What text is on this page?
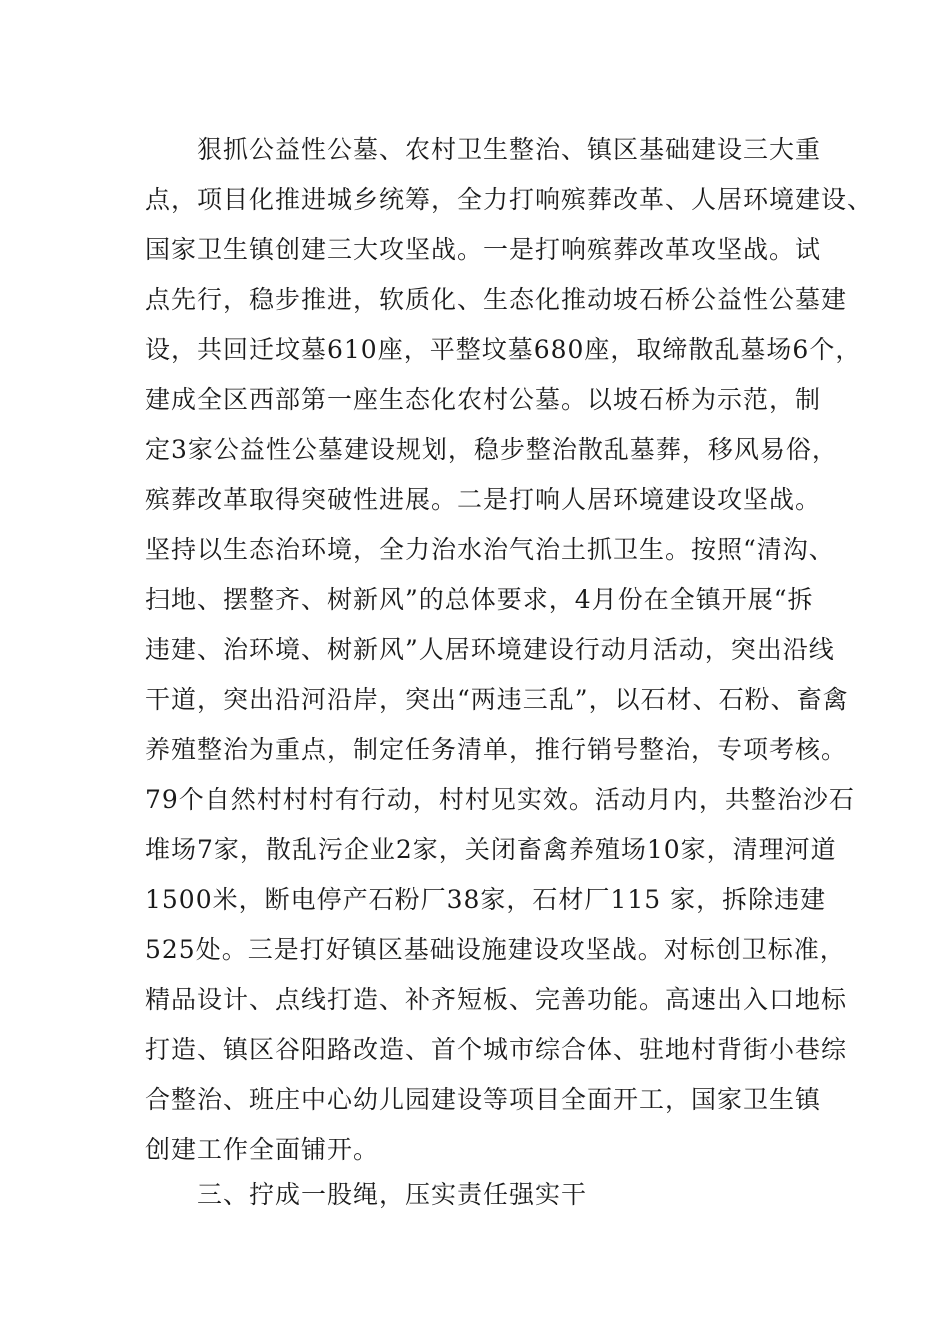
狠抓公益性公墓、农村卫生整治、镇区基础建设三大重
点，项目化推进城乡统筹，全力打响殡葬改革、人居环境建设、
国家卫生镇创建三大攻坚战。一是打响殡葬改革攻坚战。试
点先行，稳步推进，软质化、生态化推动坡石桥公益性公墓建
设，共回迁坟墓610座，平整坟墓680座，取缔散乱墓场6个，
建成全区西部第一座生态化农村公墓。以坡石桥为示范，制
定3家公益性公墓建设规划，稳步整治散乱墓葬，移风易俗，
殡葬改革取得突破性进展。二是打响人居环境建设攻坚战。
坚持以生态治环境，全力治水治气治土抓卫生。按照“清沟、
扫地、摆整齐、树新风”的总体要求，4月份在全镇开展“拆
违建、治环境、树新风”人居环境建设行动月活动，突出沿线
干道，突出沿河沿岸，突出“两违三乱”，以石材、石粉、畜禽
养殖整治为重点，制定任务清单，推行销号整治，专项考核。
79个自然村村村有行动，村村见实效。活动月内，共整治沙石
堆场7家，散乱污企业2家，关闭畜禽养殖场10家，清理河道
1500米，断电停产石粉厂38家，石材厂115 家，拆除违建
525处。三是打好镇区基础设施建设攻坚战。对标创卫标准，
精品设计、点线打造、补齐短板、完善功能。高速出入口地标
打造、镇区谷阳路改造、首个城市综合体、驻地村背街小巷综
合整治、班庄中心幼儿园建设等项目全面开工，国家卫生镇
创建工作全面铺开。
三、拧成一股绳，压实责任强实干
